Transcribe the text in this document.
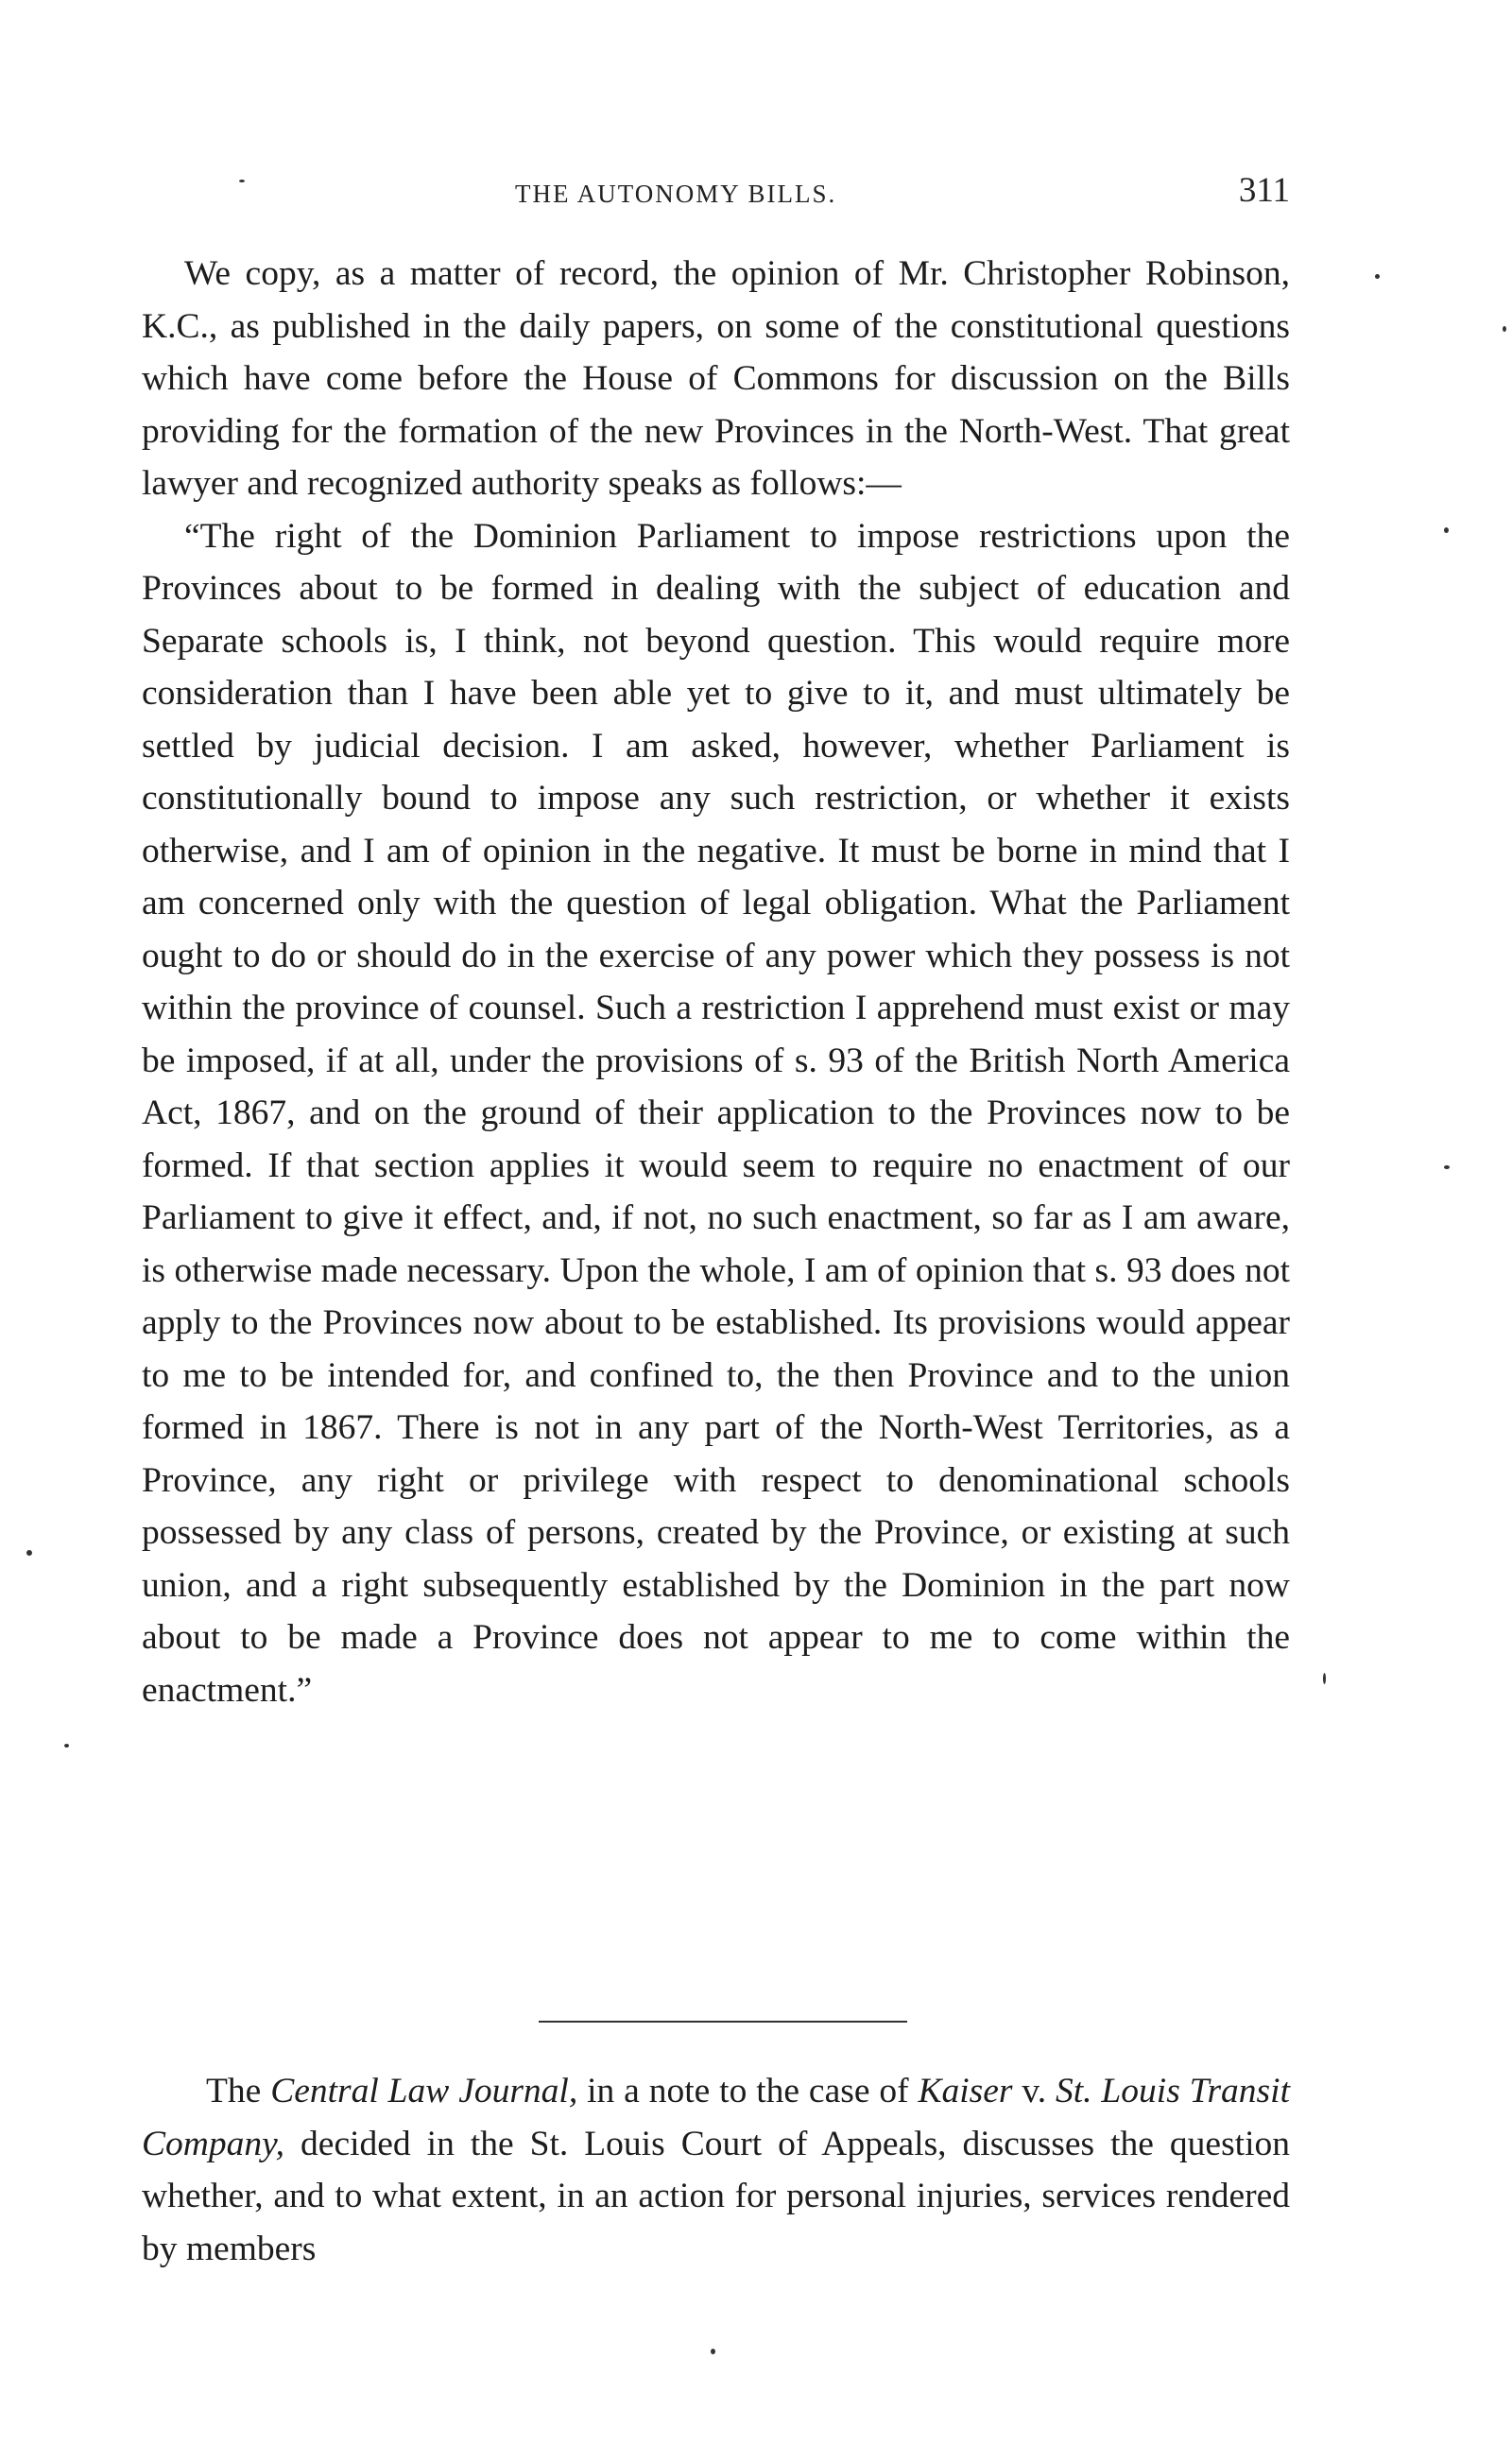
THE AUTONOMY BILLS.	311

We copy, as a matter of record, the opinion of Mr. Christopher Robinson, K.C., as published in the daily papers, on some of the constitutional questions which have come before the House of Commons for discussion on the Bills providing for the formation of the new Provinces in the North-West. That great lawyer and recognized authority speaks as follows:—

“The right of the Dominion Parliament to impose restrictions upon the Provinces about to be formed in dealing with the subject of education and Separate schools is, I think, not beyond question. This would require more consideration than I have been able yet to give to it, and must ultimately be settled by judicial decision. I am asked, however, whether Parliament is constitutionally bound to impose any such restriction, or whether it exists otherwise, and I am of opinion in the negative. It must be borne in mind that I am concerned only with the question of legal obligation. What the Parliament ought to do or should do in the exercise of any power which they possess is not within the province of counsel. Such a restriction I apprehend must exist or may be imposed, if at all, under the provisions of s. 93 of the British North America Act, 1867, and on the ground of their application to the Provinces now to be formed. If that section applies it would seem to require no enactment of our Parliament to give it effect, and, if not, no such enactment, so far as I am aware, is otherwise made necessary. Upon the whole, I am of opinion that s. 93 does not apply to the Provinces now about to be established. Its provisions would appear to me to be intended for, and confined to, the then Province and to the union formed in 1867. There is not in any part of the North-West Territories, as a Province, any right or privilege with respect to denominational schools possessed by any class of persons, created by the Province, or existing at such union, and a right subsequently established by the Dominion in the part now about to be made a Province does not appear to me to come within the enactment.”

The Central Law Journal, in a note to the case of Kaiser v. St. Louis Transit Company, decided in the St. Louis Court of Appeals, discusses the question whether, and to what extent, in an action for personal injuries, services rendered by members
